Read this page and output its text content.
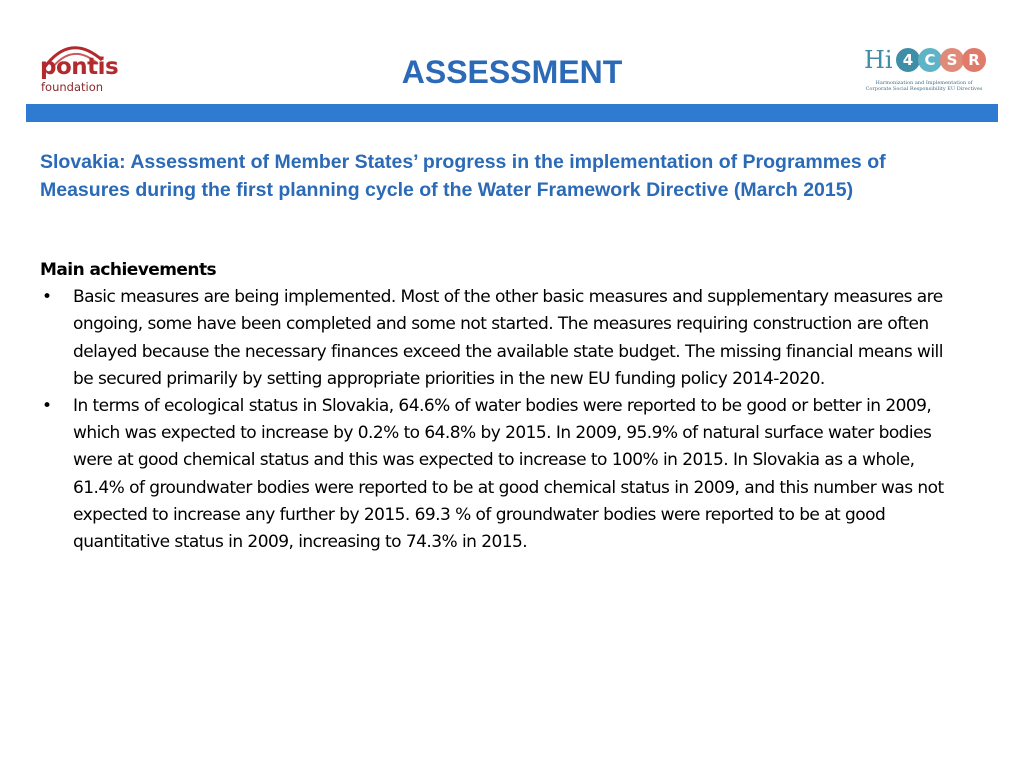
pontis
foundation	ASSESSMENT	Hi 4 C S R
Harmonization and Implementation of
Corporate Social Responsibility EU Directives
Slovakia: Assessment of Member States’ progress in the implementation of Programmes of Measures during the first planning cycle of the Water Framework Directive (March 2015)
Main achievements
• Basic measures are being implemented. Most of the other basic measures and supplementary measures are ongoing, some have been completed and some not started. The measures requiring construction are often delayed because the necessary finances exceed the available state budget. The missing financial means will be secured primarily by setting appropriate priorities in the new EU funding policy 2014-2020.
• In terms of ecological status in Slovakia, 64.6% of water bodies were reported to be good or better in 2009, which was expected to increase by 0.2% to 64.8% by 2015. In 2009, 95.9% of natural surface water bodies were at good chemical status and this was expected to increase to 100% in 2015. In Slovakia as a whole, 61.4% of groundwater bodies were reported to be at good chemical status in 2009, and this number was not expected to increase any further by 2015. 69.3 % of groundwater bodies were reported to be at good quantitative status in 2009, increasing to 74.3% in 2015.
